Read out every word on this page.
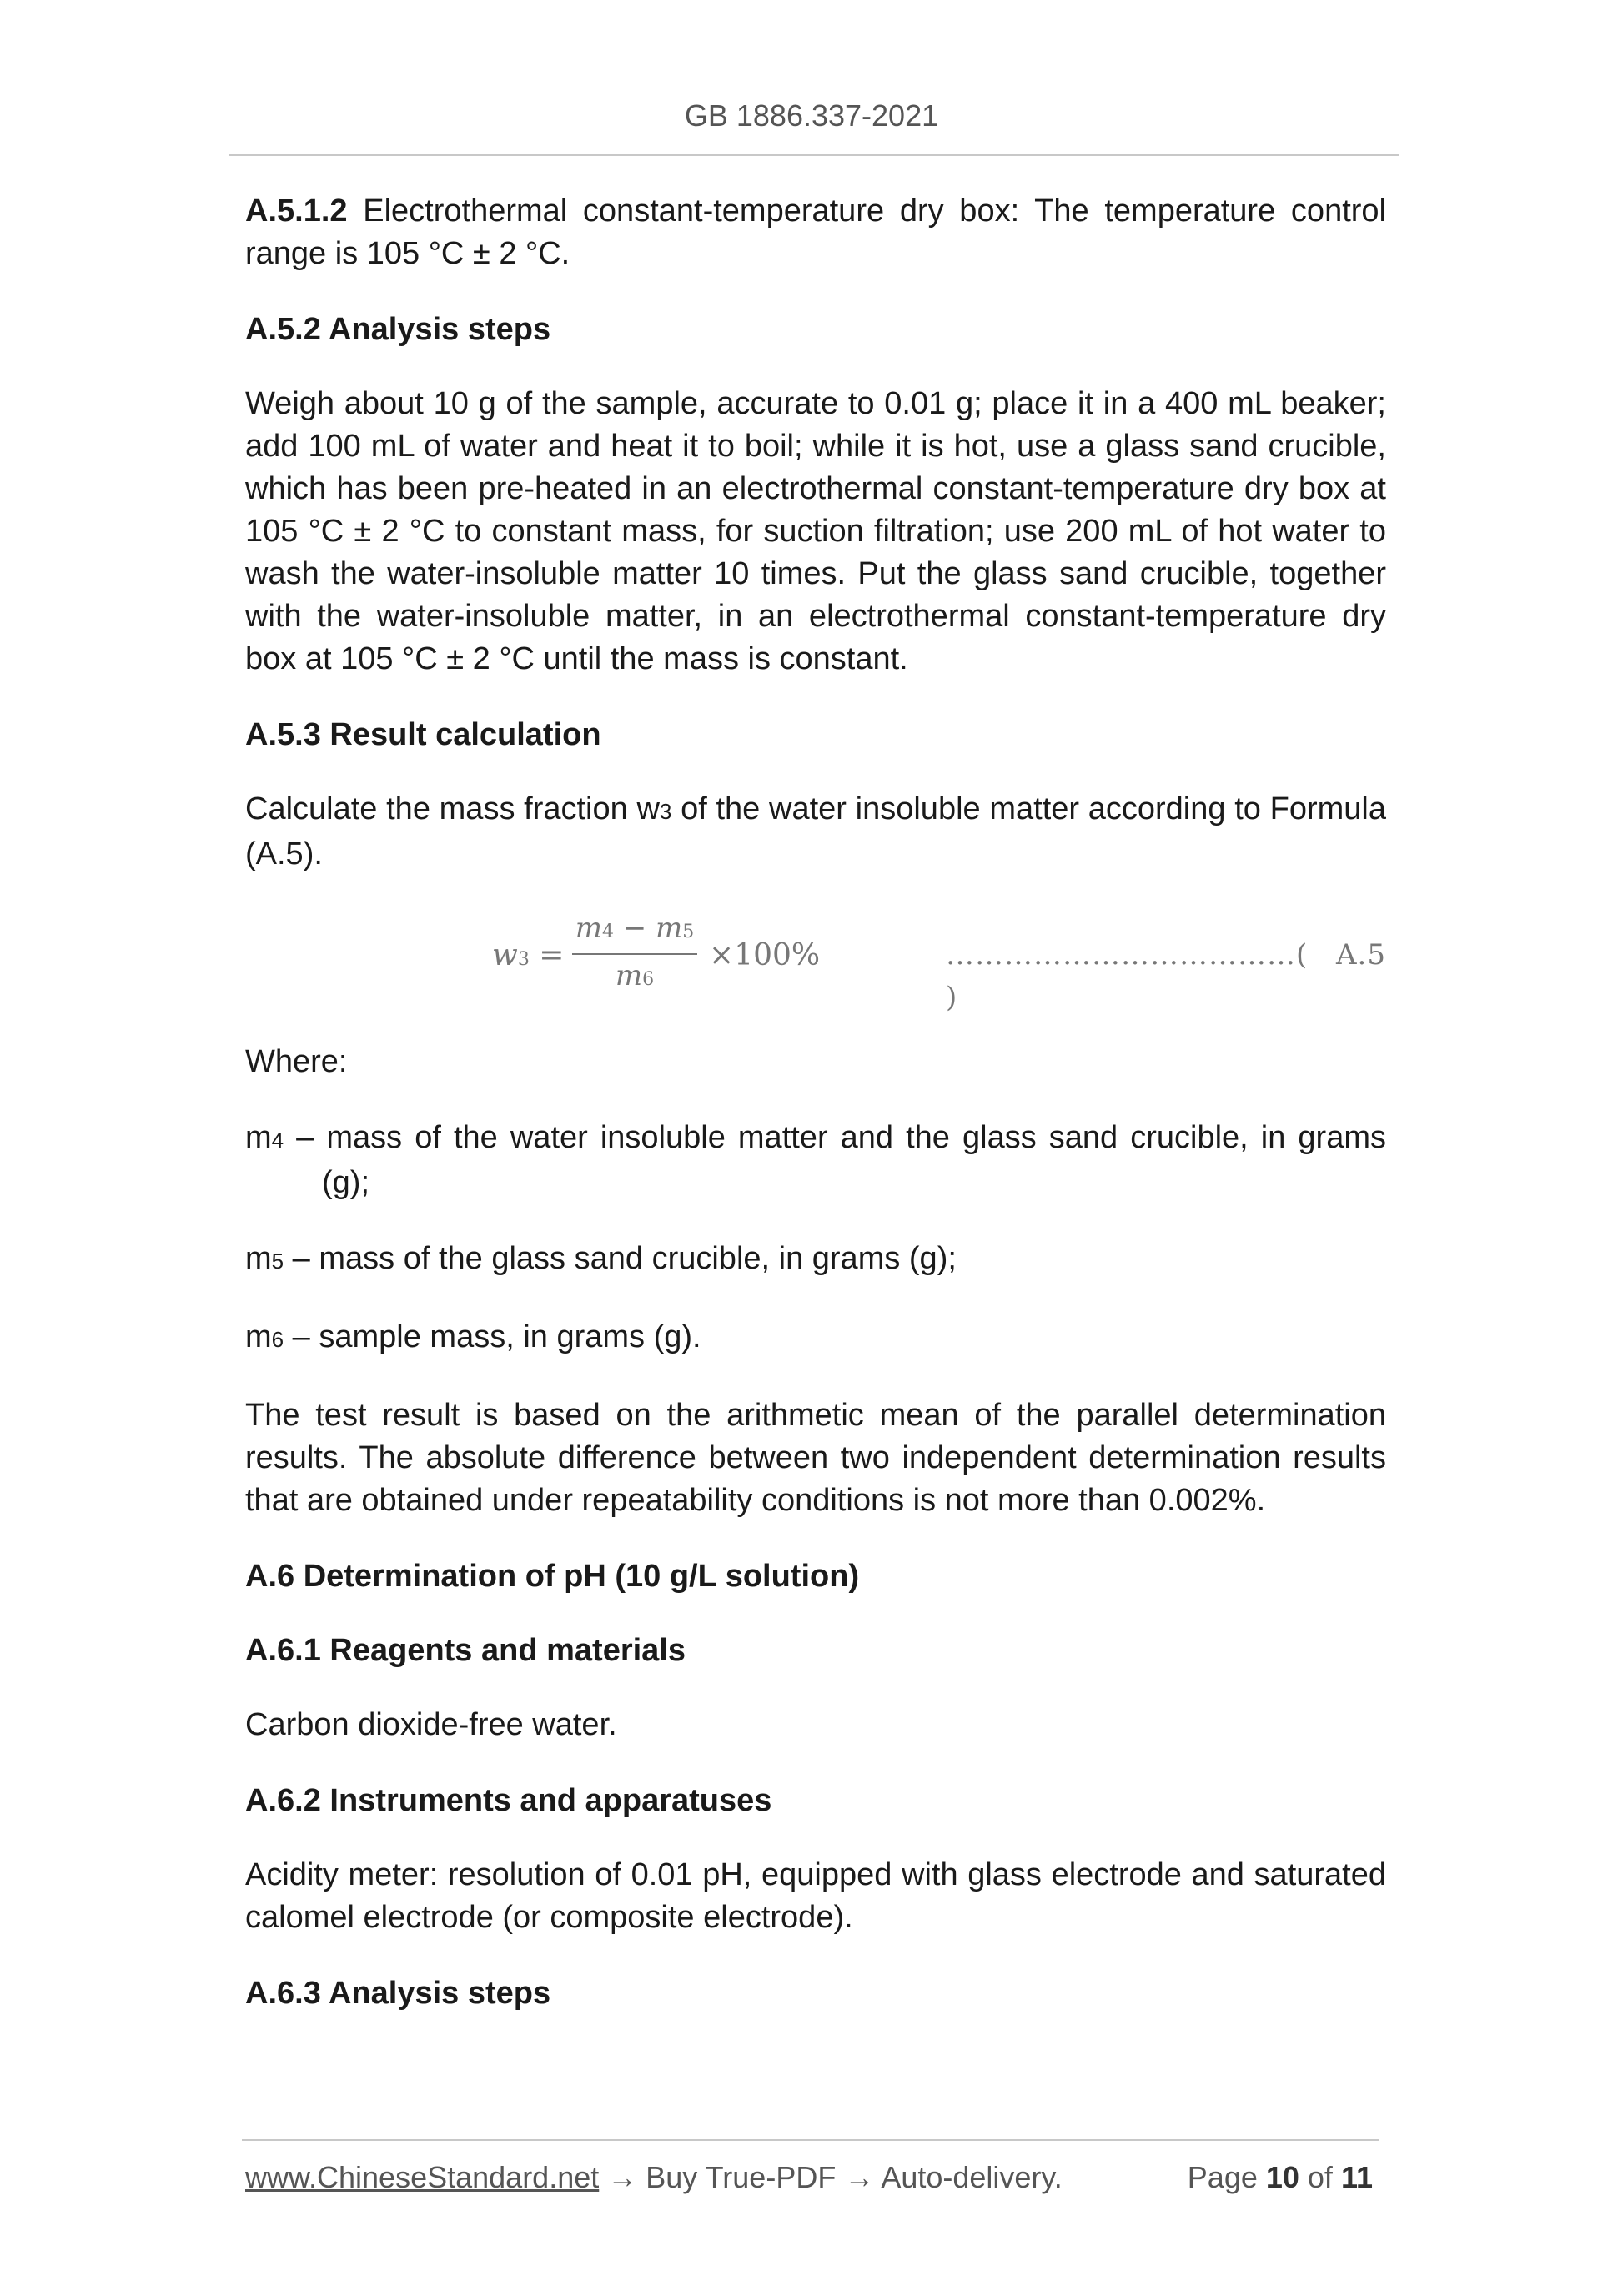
GB 1886.337-2021

A.5.1.2 Electrothermal constant-temperature dry box: The temperature control range is 105 °C ± 2 °C.

A.5.2 Analysis steps

Weigh about 10 g of the sample, accurate to 0.01 g; place it in a 400 mL beaker; add 100 mL of water and heat it to boil; while it is hot, use a glass sand crucible, which has been pre-heated in an electrothermal constant-temperature dry box at 105 °C ± 2 °C to constant mass, for suction filtration; use 200 mL of hot water to wash the water-insoluble matter 10 times. Put the glass sand crucible, together with the water-insoluble matter, in an electrothermal constant-temperature dry box at 105 °C ± 2 °C until the mass is constant.

A.5.3 Result calculation

Calculate the mass fraction w3 of the water insoluble matter according to Formula (A.5).

w3 =
m4 − m5
m6
×100%	………………………………( A.5 )

Where:

m4 – mass of the water insoluble matter and the glass sand crucible, in grams (g);

m5 – mass of the glass sand crucible, in grams (g);

m6 – sample mass, in grams (g).

The test result is based on the arithmetic mean of the parallel determination results. The absolute difference between two independent determination results that are obtained under repeatability conditions is not more than 0.002%.

A.6 Determination of pH (10 g/L solution)

A.6.1 Reagents and materials

Carbon dioxide-free water.

A.6.2 Instruments and apparatuses

Acidity meter: resolution of 0.01 pH, equipped with glass electrode and saturated calomel electrode (or composite electrode).

A.6.3 Analysis steps

www.ChineseStandard.net → Buy True-PDF → Auto-delivery.	Page 10 of 11
